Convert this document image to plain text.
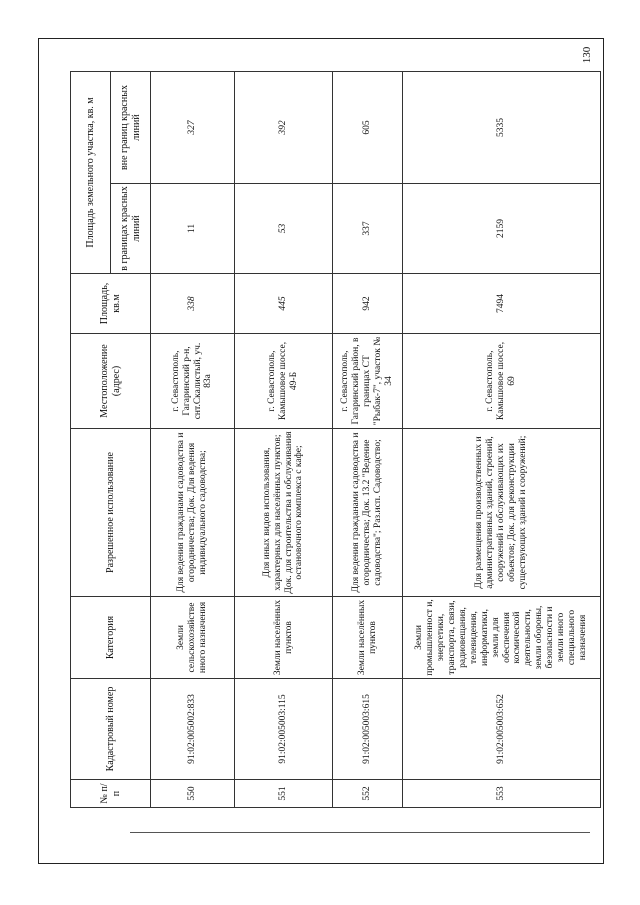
130
№ п/п	Кадастровый номер	Категория	Разрешенное использование	Местоположение (адрес)	Площадь, кв.м	Площадь земельного участка, кв. м	
						в границах красных линий	вне границ красных линий
550	91:02:005002:833	Земли сельскохозяйстве нного назначения	Для ведения гражданами садоводства и огородничества; Док. Для ведения индивидуального садоводства;	г. Севастополь, Гагаринский р-н, снт.Скалистый, уч. 83а	338	11	327
551	91:02:005003:115	Земли населённых пунктов	Для иных видов использования, характерных для населённых пунктов; Док. для строительства и обслуживания остановочного комплекса с кафе;	г. Севастополь, Камышовое шоссе, 49-Б	445	53	392
552	91:02:005003:615	Земли населённых пунктов	Для ведения гражданами садоводства и огородничества; Док. 13.2 "Ведение садоводства"; Раз.исп. Садоводство;	г. Севастополь, Гагаринский район, в границах СТ "Рыбак-7", участок № 34	942	337	605
553	91:02:005003:652	Земли промышленност и, энергетики, транспорта, связи, радиовещания, телевидения, информатики, земли для обеспечения космической деятельности, земли обороны, безопасности и земли иного специального назначения	Для размещения производственных и административных зданий, строений, сооружений и обслуживающих их объектов; Док. для реконструкции существующих зданий и сооружений;	г. Севастополь, Камышовое шоссе, 69	7494	2159	5335
